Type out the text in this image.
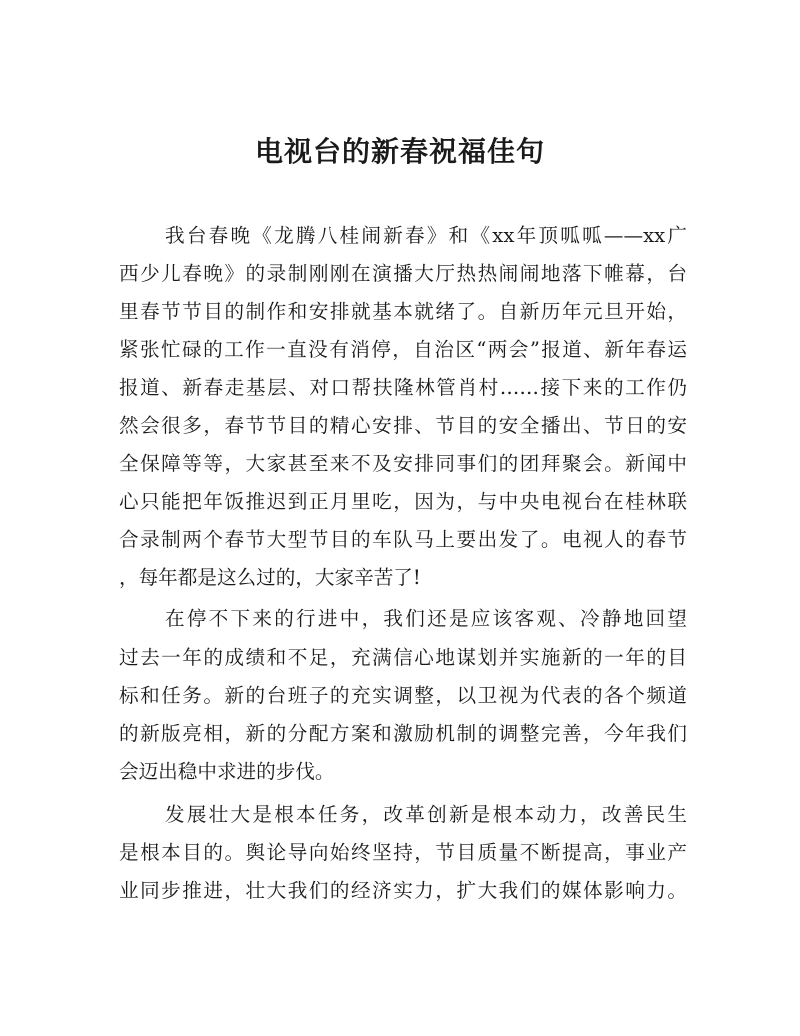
电视台的新春祝福佳句
我台春晚《龙腾八桂闹新春》和《xx年顶呱呱——xx广
西少儿春晚》的录制刚刚在演播大厅热热闹闹地落下帷幕，台
里春节节目的制作和安排就基本就绪了。自新历年元旦开始，
紧张忙碌的工作一直没有消停，自治区“两会”报道、新年春运
报道、新春走基层、对口帮扶隆林管肖村……接下来的工作仍
然会很多，春节节目的精心安排、节目的安全播出、节日的安
全保障等等，大家甚至来不及安排同事们的团拜聚会。新闻中
心只能把年饭推迟到正月里吃，因为，与中央电视台在桂林联
合录制两个春节大型节目的车队马上要出发了。电视人的春节
，每年都是这么过的，大家辛苦了!
在停不下来的行进中，我们还是应该客观、冷静地回望
过去一年的成绩和不足，充满信心地谋划并实施新的一年的目
标和任务。新的台班子的充实调整，以卫视为代表的各个频道
的新版亮相，新的分配方案和激励机制的调整完善，今年我们
会迈出稳中求进的步伐。
发展壮大是根本任务，改革创新是根本动力，改善民生
是根本目的。舆论导向始终坚持，节目质量不断提高，事业产
业同步推进，壮大我们的经济实力，扩大我们的媒体影响力。
